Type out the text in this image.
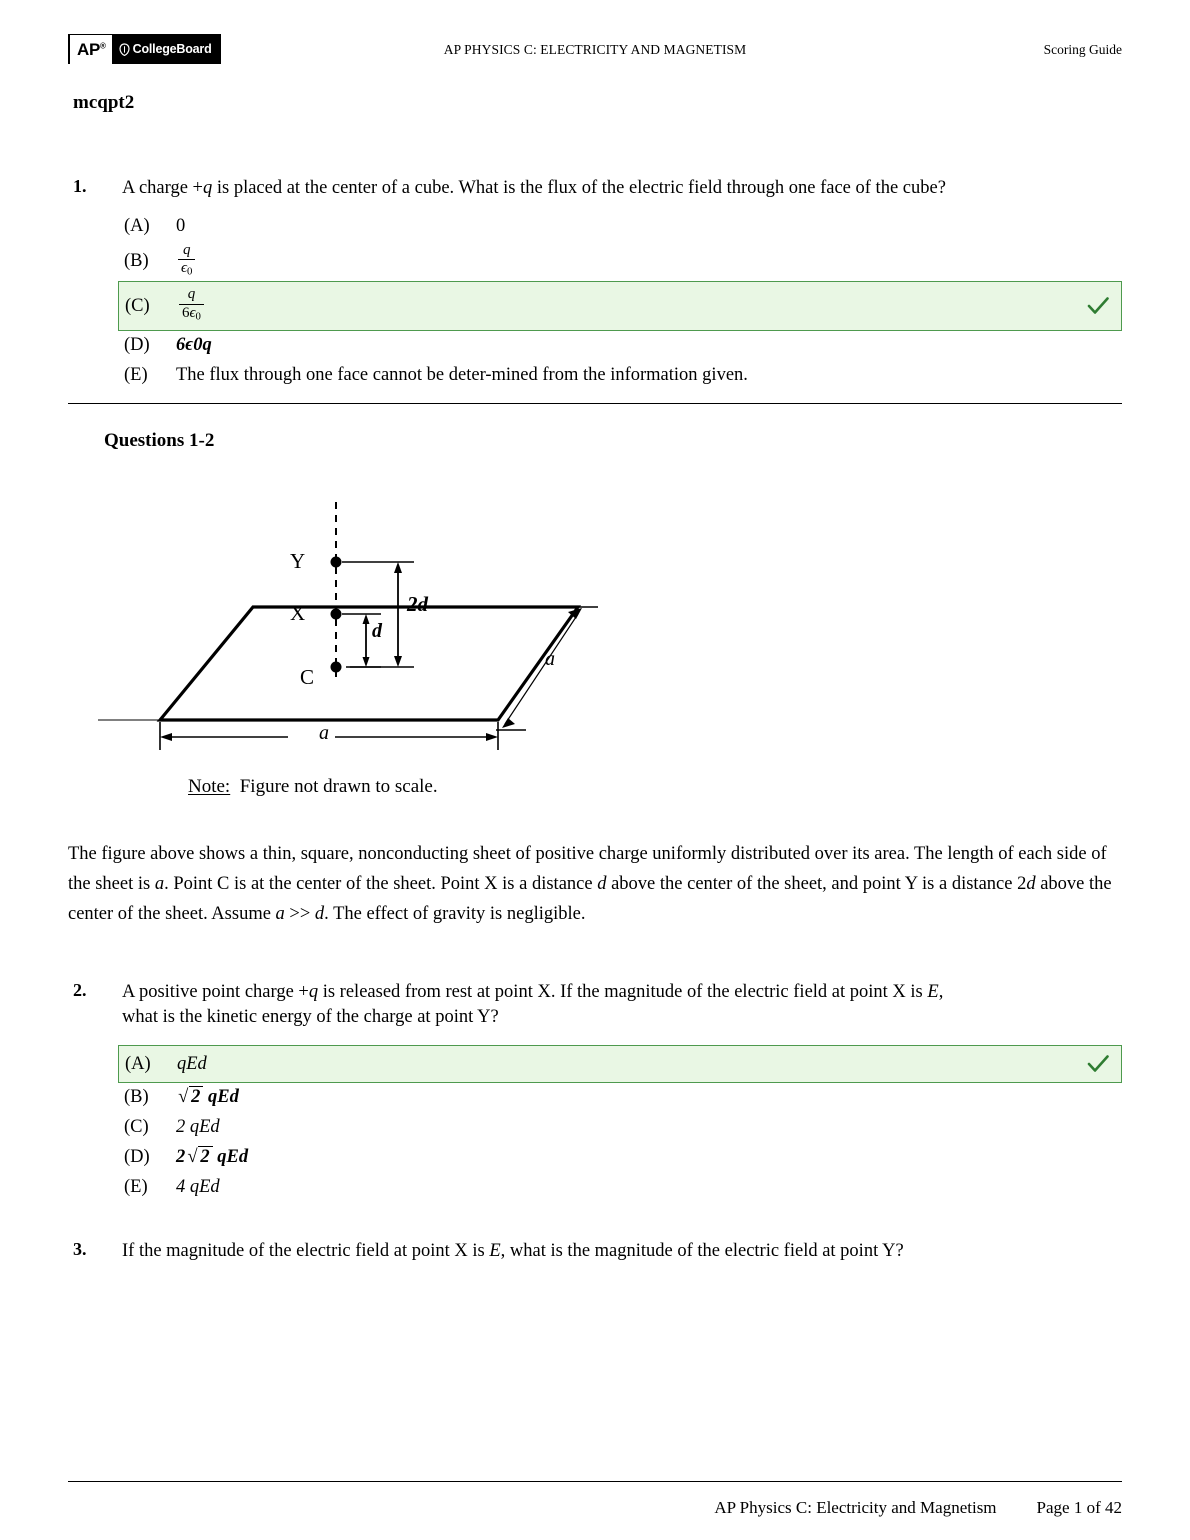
AP®	CollegeBoard	AP PHYSICS C: ELECTRICITY AND MAGNETISM	Scoring Guide
mcqpt2
1.	A charge +q is placed at the center of a cube. What is the flux of the electric field through one face of the cube?
(A)	0
(B)	$\frac{q}{\epsilon_0}$
(C)	$\frac{q}{6\epsilon_0}$
(D)	6ϵ0q
(E)	The flux through one face cannot be deter-mined from the information given.
Questions 1-2
Y
X
C
d
2d
a
a
Note: Figure not drawn to scale.
The figure above shows a thin, square, nonconducting sheet of positive charge uniformly distributed over its area. The length of each side of the sheet is a. Point C is at the center of the sheet. Point X is a distance d above the center of the sheet, and point Y is a distance 2d above the center of the sheet. Assume a >> d. The effect of gravity is negligible.
2.	A positive point charge +q is released from rest at point X. If the magnitude of the electric field at point X is E,
what is the kinetic energy of the charge at point Y?
(A)	qEd
(B)	√ 2 qEd
(C)	2 qEd
(D)	2 √ 2 qEd
(E)	4 qEd
3.	If the magnitude of the electric field at point X is E, what is the magnitude of the electric field at point Y?
AP Physics C: Electricity and Magnetism Page 1 of 42
